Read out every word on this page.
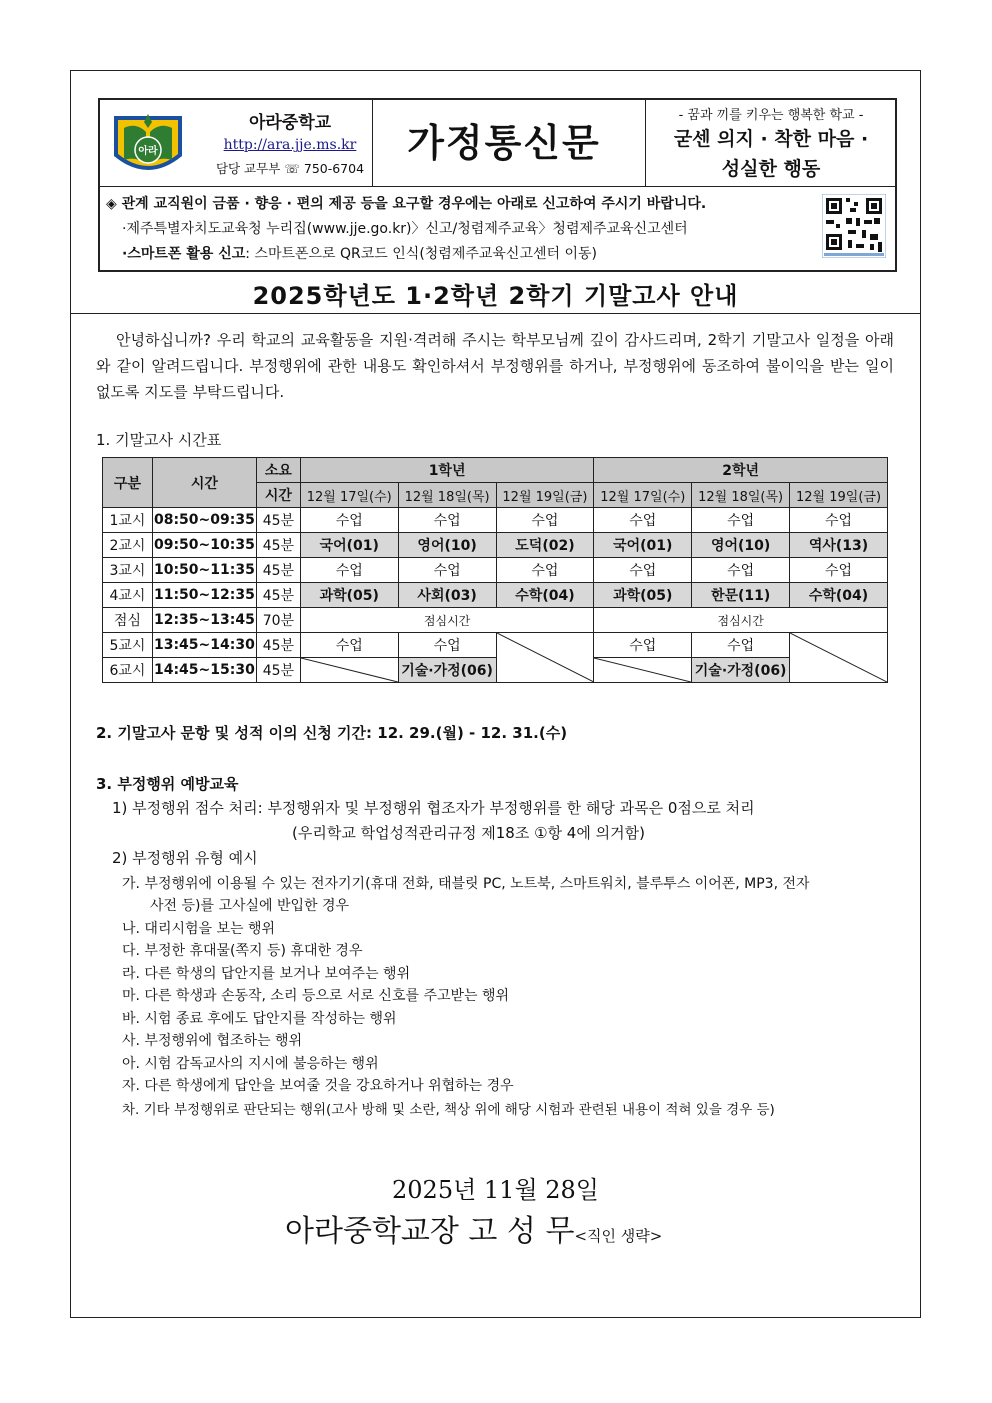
아라
아라중학교
http://ara.jje.ms.kr
담당 교무부 ☏ 750-6704
가정통신문
- 꿈과 끼를 키우는 행복한 학교 -
굳센 의지 · 착한 마음 ·
성실한 행동
◈ 관계 교직원이 금품 · 향응 · 편의 제공 등을 요구할 경우에는 아래로 신고하여 주시기 바랍니다.
·제주특별자치도교육청 누리집(www.jje.go.kr)〉신고/청렴제주교육〉청렴제주교육신고센터
·스마트폰 활용 신고: 스마트폰으로 QR코드 인식(청렴제주교육신고센터 이동)
2025학년도 1·2학년 2학기 기말고사 안내
안녕하십니까? 우리 학교의 교육활동을 지원·격려해 주시는 학부모님께 깊이 감사드리며, 2학기 기말고사 일정을 아래와 같이 알려드립니다. 부정행위에 관한 내용도 확인하셔서 부정행위를 하거나, 부정행위에 동조하여 불이익을 받는 일이 없도록 지도를 부탁드립니다.
1. 기말고사 시간표
구분	시간	소요	1학년			2학년		
		시간	12월 17일(수)	12월 18일(목)	12월 19일(금)	12월 17일(수)	12월 18일(목)	12월 19일(금)
1교시	08:50~09:35	45분	수업	수업	수업	수업	수업	수업
2교시	09:50~10:35	45분	국어(01)	영어(10)	도덕(02)	국어(01)	영어(10)	역사(13)
3교시	10:50~11:35	45분	수업	수업	수업	수업	수업	수업
4교시	11:50~12:35	45분	과학(05)	사회(03)	수학(04)	과학(05)	한문(11)	수학(04)
점심	12:35~13:45	70분	점심시간			점심시간		
5교시	13:45~14:30	45분	수업	수업		수업	수업	

6교시	14:45~15:30	45분		기술·가정(06)			기술·가정(06)	
2. 기말고사 문항 및 성적 이의 신청 기간: 12. 29.(월) - 12. 31.(수)
3. 부정행위 예방교육
1) 부정행위 점수 처리: 부정행위자 및 부정행위 협조자가 부정행위를 한 해당 과목은 0점으로 처리
(우리학교 학업성적관리규정 제18조 ①항 4에 의거함)
2) 부정행위 유형 예시
가. 부정행위에 이용될 수 있는 전자기기(휴대 전화, 태블릿 PC, 노트북, 스마트워치, 블루투스 이어폰, MP3, 전자
사전 등)를 고사실에 반입한 경우
나. 대리시험을 보는 행위
다. 부정한 휴대물(쪽지 등) 휴대한 경우
라. 다른 학생의 답안지를 보거나 보여주는 행위
마. 다른 학생과 손동작, 소리 등으로 서로 신호를 주고받는 행위
바. 시험 종료 후에도 답안지를 작성하는 행위
사. 부정행위에 협조하는 행위
아. 시험 감독교사의 지시에 불응하는 행위
자. 다른 학생에게 답안을 보여줄 것을 강요하거나 위협하는 경우
차. 기타 부정행위로 판단되는 행위(고사 방해 및 소란, 책상 위에 해당 시험과 관련된 내용이 적혀 있을 경우 등)
2025년 11월 28일
아라중학교장 고 성 무<직인 생략>
